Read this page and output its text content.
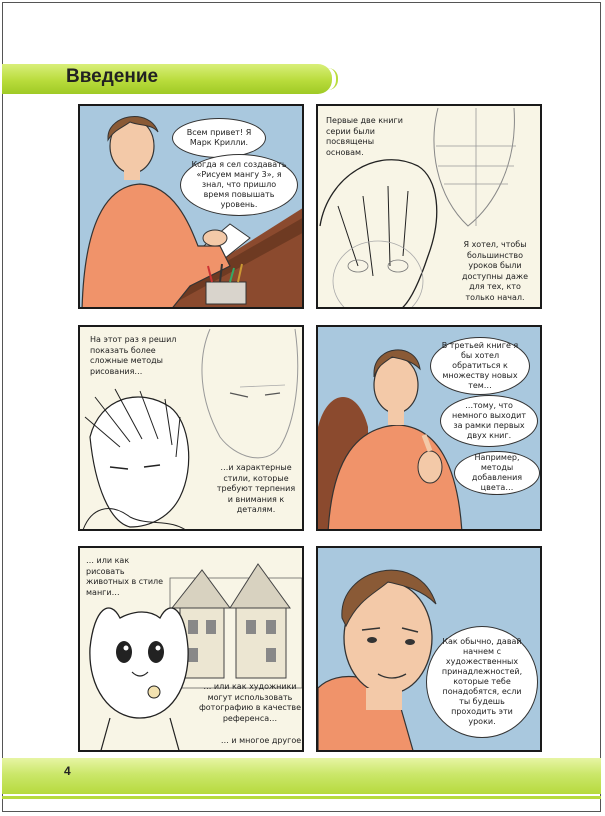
Введение
Всем привет! Я Марк Крилли.
Когда я сел создавать «Рисуем мангу 3», я знал, что пришло время повышать уровень.
Первые две книги серии были посвящены основам.
Я хотел, чтобы большинство уроков были доступны даже для тех, кто только начал.
На этот раз я решил показать более сложные методы рисования…
…и характерные стили, которые требуют терпения и внимания к деталям.
В третьей книге я бы хотел обратиться к множеству новых тем…
…тому, что немного выходит за рамки первых двух книг.
Например, методы добавления цвета…
… или как рисовать животных в стиле манги…
… или как художники могут использовать фотографию в качестве референса…
… и многое другое
Как обычно, давай начнем с художественных принадлежностей, которые тебе понадобятся, если ты будешь проходить эти уроки.
4
